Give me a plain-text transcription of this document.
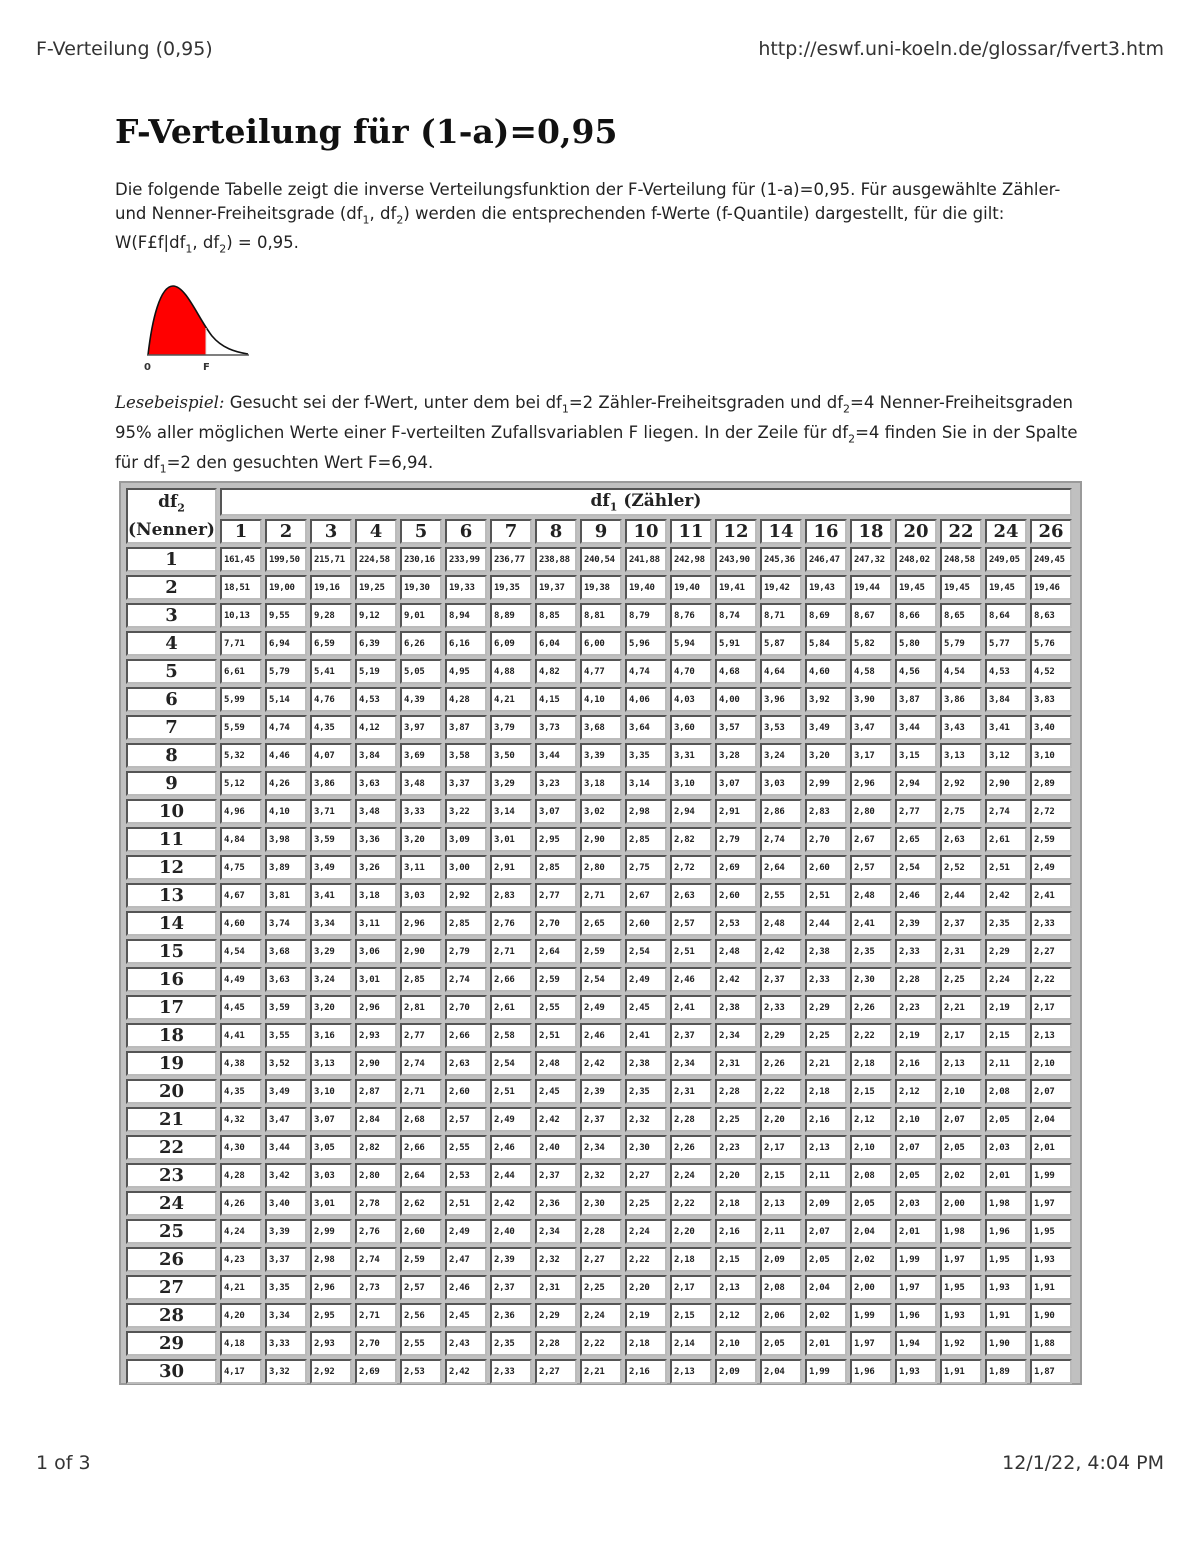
F-Verteilung (0,95)	http://eswf.uni-koeln.de/glossar/fvert3.htm
F-Verteilung für (1-a)=0,95
Die folgende Tabelle zeigt die inverse Verteilungsfunktion der F-Verteilung für (1-a)=0,95. Für ausgewählte Zähler- und Nenner-Freiheitsgrade ($df_1$, $df_2$) werden die entsprechenden f-Werte (f-Quantile) dargestellt, für die gilt: $W(F£f|df_1$, $df_2) = 0,95$.
0	F
Lesebeispiel: Gesucht sei der f-Wert, unter dem bei $df_1=2$ Zähler-Freiheitsgraden und $df_2=4$ Nenner-Freiheitsgraden 95% aller möglichen Werte einer F-verteilten Zufallsvariablen F liegen. In der Zeile für $df_2=4$ finden Sie in der Spalte für $df_1=2$ den gesuchten Wert F=6,94.
$df_2$
(Nenner)	$df_1$ (Zähler)																		
	1	2	3	4	5	6	7	8	9	10	11	12	14	16	18	20	22	24	26
1	161,45	199,50	215,71	224,58	230,16	233,99	236,77	238,88	240,54	241,88	242,98	243,90	245,36	246,47	247,32	248,02	248,58	249,05	249,45
2	18,51	19,00	19,16	19,25	19,30	19,33	19,35	19,37	19,38	19,40	19,40	19,41	19,42	19,43	19,44	19,45	19,45	19,45	19,46
3	10,13	9,55	9,28	9,12	9,01	8,94	8,89	8,85	8,81	8,79	8,76	8,74	8,71	8,69	8,67	8,66	8,65	8,64	8,63
4	7,71	6,94	6,59	6,39	6,26	6,16	6,09	6,04	6,00	5,96	5,94	5,91	5,87	5,84	5,82	5,80	5,79	5,77	5,76
5	6,61	5,79	5,41	5,19	5,05	4,95	4,88	4,82	4,77	4,74	4,70	4,68	4,64	4,60	4,58	4,56	4,54	4,53	4,52
6	5,99	5,14	4,76	4,53	4,39	4,28	4,21	4,15	4,10	4,06	4,03	4,00	3,96	3,92	3,90	3,87	3,86	3,84	3,83
7	5,59	4,74	4,35	4,12	3,97	3,87	3,79	3,73	3,68	3,64	3,60	3,57	3,53	3,49	3,47	3,44	3,43	3,41	3,40
8	5,32	4,46	4,07	3,84	3,69	3,58	3,50	3,44	3,39	3,35	3,31	3,28	3,24	3,20	3,17	3,15	3,13	3,12	3,10
9	5,12	4,26	3,86	3,63	3,48	3,37	3,29	3,23	3,18	3,14	3,10	3,07	3,03	2,99	2,96	2,94	2,92	2,90	2,89
10	4,96	4,10	3,71	3,48	3,33	3,22	3,14	3,07	3,02	2,98	2,94	2,91	2,86	2,83	2,80	2,77	2,75	2,74	2,72
11	4,84	3,98	3,59	3,36	3,20	3,09	3,01	2,95	2,90	2,85	2,82	2,79	2,74	2,70	2,67	2,65	2,63	2,61	2,59
12	4,75	3,89	3,49	3,26	3,11	3,00	2,91	2,85	2,80	2,75	2,72	2,69	2,64	2,60	2,57	2,54	2,52	2,51	2,49
13	4,67	3,81	3,41	3,18	3,03	2,92	2,83	2,77	2,71	2,67	2,63	2,60	2,55	2,51	2,48	2,46	2,44	2,42	2,41
14	4,60	3,74	3,34	3,11	2,96	2,85	2,76	2,70	2,65	2,60	2,57	2,53	2,48	2,44	2,41	2,39	2,37	2,35	2,33
15	4,54	3,68	3,29	3,06	2,90	2,79	2,71	2,64	2,59	2,54	2,51	2,48	2,42	2,38	2,35	2,33	2,31	2,29	2,27
16	4,49	3,63	3,24	3,01	2,85	2,74	2,66	2,59	2,54	2,49	2,46	2,42	2,37	2,33	2,30	2,28	2,25	2,24	2,22
17	4,45	3,59	3,20	2,96	2,81	2,70	2,61	2,55	2,49	2,45	2,41	2,38	2,33	2,29	2,26	2,23	2,21	2,19	2,17
18	4,41	3,55	3,16	2,93	2,77	2,66	2,58	2,51	2,46	2,41	2,37	2,34	2,29	2,25	2,22	2,19	2,17	2,15	2,13
19	4,38	3,52	3,13	2,90	2,74	2,63	2,54	2,48	2,42	2,38	2,34	2,31	2,26	2,21	2,18	2,16	2,13	2,11	2,10
20	4,35	3,49	3,10	2,87	2,71	2,60	2,51	2,45	2,39	2,35	2,31	2,28	2,22	2,18	2,15	2,12	2,10	2,08	2,07
21	4,32	3,47	3,07	2,84	2,68	2,57	2,49	2,42	2,37	2,32	2,28	2,25	2,20	2,16	2,12	2,10	2,07	2,05	2,04
22	4,30	3,44	3,05	2,82	2,66	2,55	2,46	2,40	2,34	2,30	2,26	2,23	2,17	2,13	2,10	2,07	2,05	2,03	2,01
23	4,28	3,42	3,03	2,80	2,64	2,53	2,44	2,37	2,32	2,27	2,24	2,20	2,15	2,11	2,08	2,05	2,02	2,01	1,99
24	4,26	3,40	3,01	2,78	2,62	2,51	2,42	2,36	2,30	2,25	2,22	2,18	2,13	2,09	2,05	2,03	2,00	1,98	1,97
25	4,24	3,39	2,99	2,76	2,60	2,49	2,40	2,34	2,28	2,24	2,20	2,16	2,11	2,07	2,04	2,01	1,98	1,96	1,95
26	4,23	3,37	2,98	2,74	2,59	2,47	2,39	2,32	2,27	2,22	2,18	2,15	2,09	2,05	2,02	1,99	1,97	1,95	1,93
27	4,21	3,35	2,96	2,73	2,57	2,46	2,37	2,31	2,25	2,20	2,17	2,13	2,08	2,04	2,00	1,97	1,95	1,93	1,91
28	4,20	3,34	2,95	2,71	2,56	2,45	2,36	2,29	2,24	2,19	2,15	2,12	2,06	2,02	1,99	1,96	1,93	1,91	1,90
29	4,18	3,33	2,93	2,70	2,55	2,43	2,35	2,28	2,22	2,18	2,14	2,10	2,05	2,01	1,97	1,94	1,92	1,90	1,88
30	4,17	3,32	2,92	2,69	2,53	2,42	2,33	2,27	2,21	2,16	2,13	2,09	2,04	1,99	1,96	1,93	1,91	1,89	1,87
1 of 3	12/1/22, 4:04 PM
